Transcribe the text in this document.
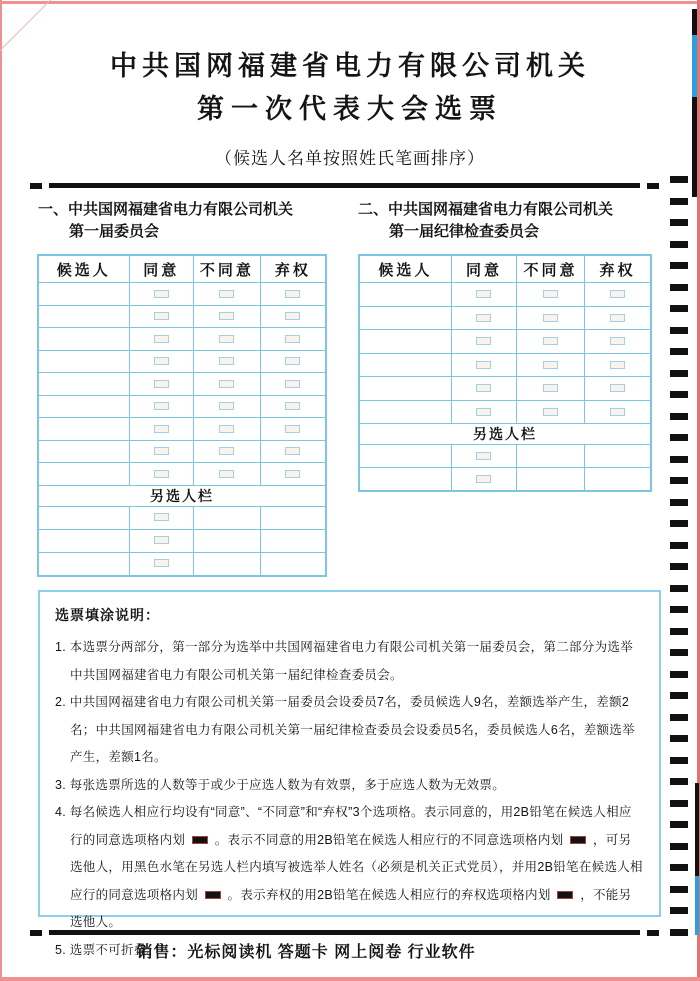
中共国网福建省电力有限公司机关
第一次代表大会选票
（候选人名单按照姓氏笔画排序）
一、中共国网福建省电力有限公司机关
第一届委员会
候选人	同意	不同意	弃权

另选人栏			

二、中共国网福建省电力有限公司机关
第一届纪律检查委员会
候选人	同意	不同意	弃权

另选人栏			

选票填涂说明：
1. 本选票分两部分，第一部分为选举中共国网福建省电力有限公司机关第一届委员会，第二部分为选举中共国网福建省电力有限公司机关第一届纪律检查委员会。
2. 中共国网福建省电力有限公司机关第一届委员会设委员7名，委员候选人9名，差额选举产生，差额2名；中共国网福建省电力有限公司机关第一届纪律检查委员会设委员5名，委员候选人6名，差额选举产生，差额1名。
3. 每张选票所选的人数等于或少于应选人数为有效票，多于应选人数为无效票。
4. 每名候选人相应行均设有“同意”、“不同意”和“弃权”3个选项格。表示同意的，用2B铅笔在候选人相应行的同意选项格内划  。表示不同意的用2B铅笔在候选人相应行的不同意选项格内划  ，可另选他人，用黑色水笔在另选人栏内填写被选举人姓名（必须是机关正式党员），并用2B铅笔在候选人相应行的同意选项格内划  。表示弃权的用2B铅笔在候选人相应行的弃权选项格内划  ，不能另选他人。
5. 选票不可折叠。
销售：光标阅读机 答题卡 网上阅卷 行业软件
